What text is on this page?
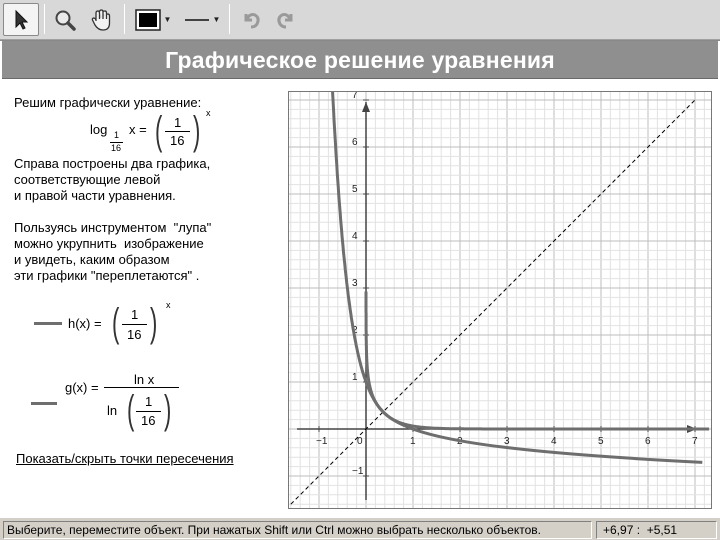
▼	▼
Графическое решение уравнения
Решим графически уравнение:
log 1
16
x = ( 1
16 ) x
Справа построены два графика,
соответствующие левой
и правой части уравнения.
Пользуясь инструментом  "лупа"
можно укрупнить  изображение
и увидеть, каким образом
эти графики "переплетаются" .
h(x) = ( 1
16 ) x
g(x) =
ln x
ln ( 1
16 )
Показать/скрыть точки пересечения
−1	0	1	2	3	4	5	6	7
−1
1
2
3
4
5
6
7
Выберите, переместите объект. При нажатых Shift или Ctrl можно выбрать несколько объектов.	+6,97 :  +5,51
